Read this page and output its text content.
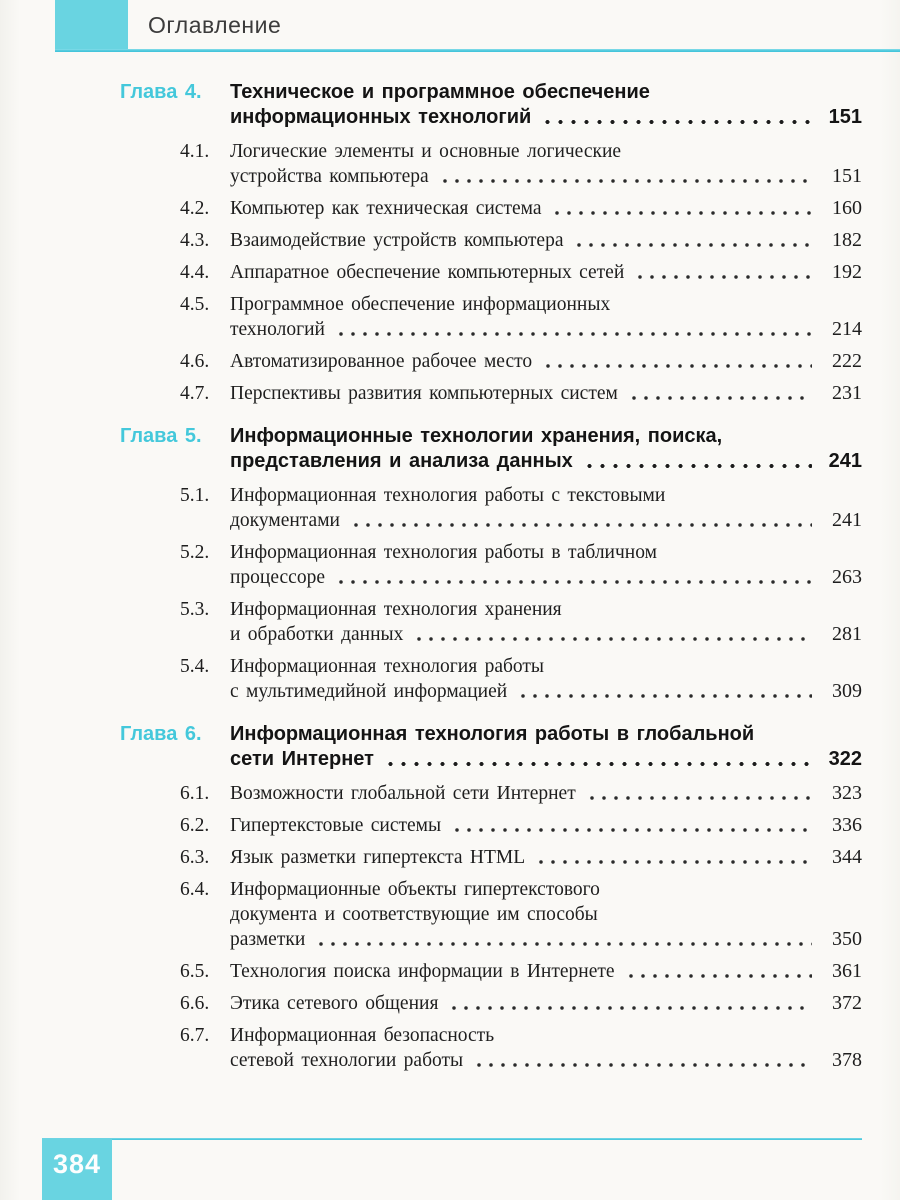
Оглавление
Глава 4.	Техническое и программное обеспечение
информационных технологий	151
4.1.	Логические элементы и основные логические
устройства компьютера	151
4.2.	Компьютер как техническая система	160
4.3.	Взаимодействие устройств компьютера	182
4.4.	Аппаратное обеспечение компьютерных сетей	192
4.5.	Программное обеспечение информационных
технологий	214
4.6.	Автоматизированное рабочее место	222
4.7.	Перспективы развития компьютерных систем	231
Глава 5.	Информационные технологии хранения, поиска,
представления и анализа данных	241
5.1.	Информационная технология работы с текстовыми
документами	241
5.2.	Информационная технология работы в табличном
процессоре	263
5.3.	Информационная технология хранения
и обработки данных	281
5.4.	Информационная технология работы
с мультимедийной информацией	309
Глава 6.	Информационная технология работы в глобальной
сети Интернет	322
6.1.	Возможности глобальной сети Интернет	323
6.2.	Гипертекстовые системы	336
6.3.	Язык разметки гипертекста HTML	344
6.4.	Информационные объекты гипертекстового
документа и соответствующие им способы
разметки	350
6.5.	Технология поиска информации в Интернете	361
6.6.	Этика сетевого общения	372
6.7.	Информационная безопасность
сетевой технологии работы	378
384
